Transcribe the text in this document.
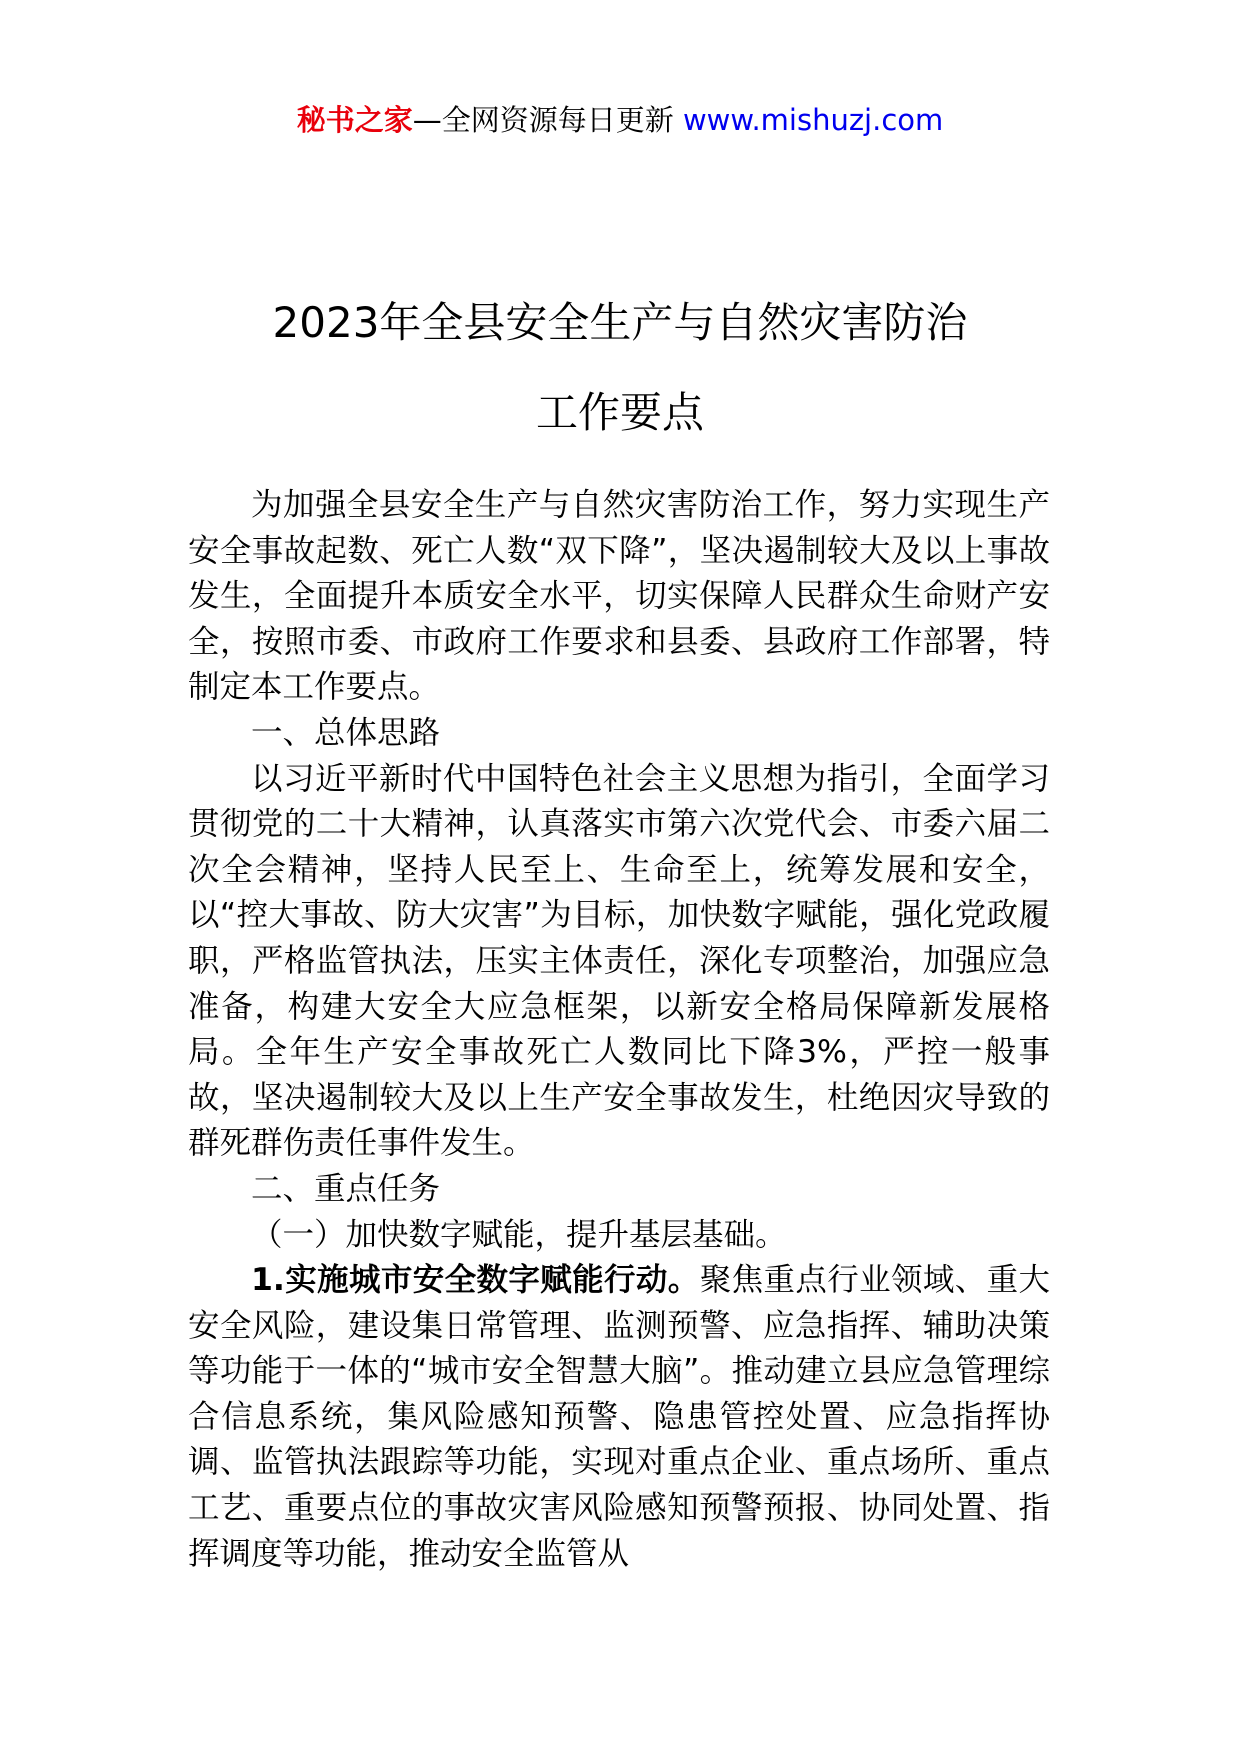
秘书之家—全网资源每日更新 www.mishuzj.com
2023年全县安全生产与自然灾害防治
工作要点

为加强全县安全生产与自然灾害防治工作，努力实现生产安全事故起数、死亡人数“双下降”，坚决遏制较大及以上事故发生，全面提升本质安全水平，切实保障人民群众生命财产安全，按照市委、市政府工作要求和县委、县政府工作部署，特制定本工作要点。

一、总体思路

以习近平新时代中国特色社会主义思想为指引，全面学习贯彻党的二十大精神，认真落实市第六次党代会、市委六届二次全会精神，坚持人民至上、生命至上，统筹发展和安全，以“控大事故、防大灾害”为目标，加快数字赋能，强化党政履职，严格监管执法，压实主体责任，深化专项整治，加强应急准备，构建大安全大应急框架，以新安全格局保障新发展格局。全年生产安全事故死亡人数同比下降3%，严控一般事故，坚决遏制较大及以上生产安全事故发生，杜绝因灾导致的群死群伤责任事件发生。

二、重点任务

（一）加快数字赋能，提升基层基础。

1.实施城市安全数字赋能行动。聚焦重点行业领域、重大安全风险，建设集日常管理、监测预警、应急指挥、辅助决策等功能于一体的“城市安全智慧大脑”。推动建立县应急管理综合信息系统，集风险感知预警、隐患管控处置、应急指挥协调、监管执法跟踪等功能，实现对重点企业、重点场所、重点工艺、重要点位的事故灾害风险感知预警预报、协同处置、指挥调度等功能，推动安全监管从
